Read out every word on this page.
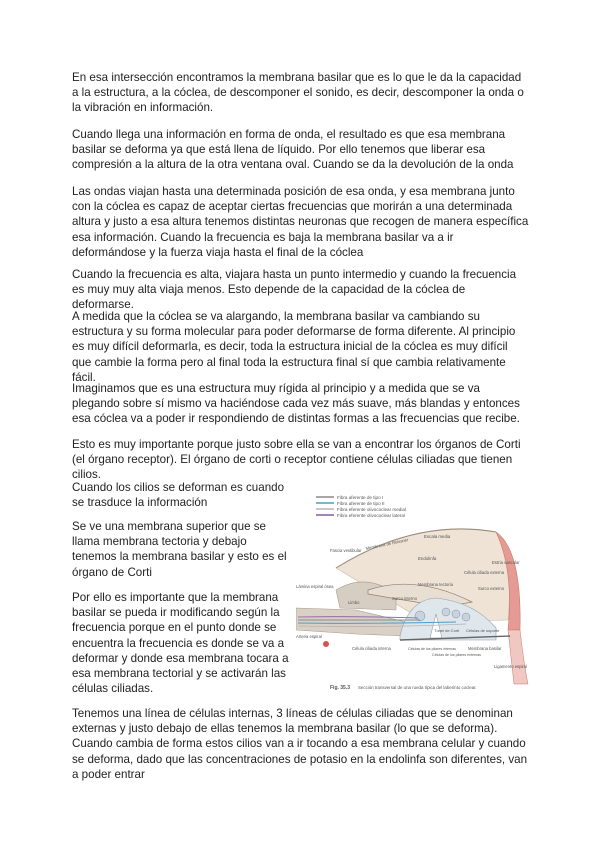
En esa intersección encontramos la membrana basilar que es lo que le da la capacidad a la estructura, a la cóclea, de descomponer el sonido, es decir, descomponer la onda o la vibración en información.

Cuando llega una información en forma de onda, el resultado es que esa membrana basilar se deforma ya que está llena de líquido. Por ello tenemos que liberar esa compresión a la altura de la otra ventana oval. Cuando se da la devolución de la onda

Las ondas viajan hasta una determinada posición de esa onda, y esa membrana junto con la cóclea es capaz de aceptar ciertas frecuencias que morirán a una determinada altura y justo a esa altura tenemos distintas neuronas que recogen de manera específica esa información. Cuando la frecuencia es baja la membrana basilar va a ir deformándose y la fuerza viaja hasta el final de la cóclea

Cuando la frecuencia es alta, viajara hasta un punto intermedio y cuando la frecuencia es muy muy alta viaja menos. Esto depende de la capacidad de la cóclea de deformarse.

A medida que la cóclea se va alargando, la membrana basilar va cambiando su estructura y su forma molecular para poder deformarse de forma diferente. Al principio es muy difícil deformarla, es decir, toda la estructura inicial de la cóclea es muy difícil que cambie la forma pero al final toda la estructura final sí que cambia relativamente fácil.

Imaginamos que es una estructura muy rígida al principio y a medida que se va plegando sobre sí mismo va haciéndose cada vez más suave, más blandas y entonces esa cóclea va a poder ir respondiendo de distintas formas a las frecuencias que recibe.

Esto es muy importante porque justo sobre ella se van a encontrar los órganos de Corti (el órgano receptor). El órgano de corti o receptor contiene células ciliadas que tienen cilios.

Cuando los cilios se deforman es cuando se trasduce la información

Se ve una membrana superior que se llama membrana tectoria y debajo tenemos la membrana basilar y esto es el órgano de Corti

Por ello es importante que la membrana basilar se pueda ir modificando según la frecuencia porque en el punto donde se encuentra la frecuencia es donde se va a deformar y donde esa membrana tocara a esa membrana tectorial y se activarán las células ciliadas.

Fibra aferente de tipo I
Fibra aferente de tipo II
Fibra eferente olivococlear medial
Fibra eferente olivococlear lateral
Escala media
Membrana de Reissner
Estría vascular
Fascia vestibular
Endolinfa
Célula ciliada externa
Membrana tectoria
Surco externo
Lámina espiral ósea
Surco interno
Limbo
Túnel de Corti Células de soporte
Arteria espiral
Célula ciliada interna	Células de los pilares internas
Células de los pilares externas
Membrana basilar
Ligamento espiral
Fig. 35.3 Sección transversal de una rueda típica del laberinto coclear.

Tenemos una línea de células internas, 3 líneas de células ciliadas que se denominan externas y justo debajo de ellas tenemos la membrana basilar (lo que se deforma). Cuando cambia de forma estos cilios van a ir tocando a esa membrana celular y cuando se deforma, dado que las concentraciones de potasio en la endolinfa son diferentes, van a poder entrar
